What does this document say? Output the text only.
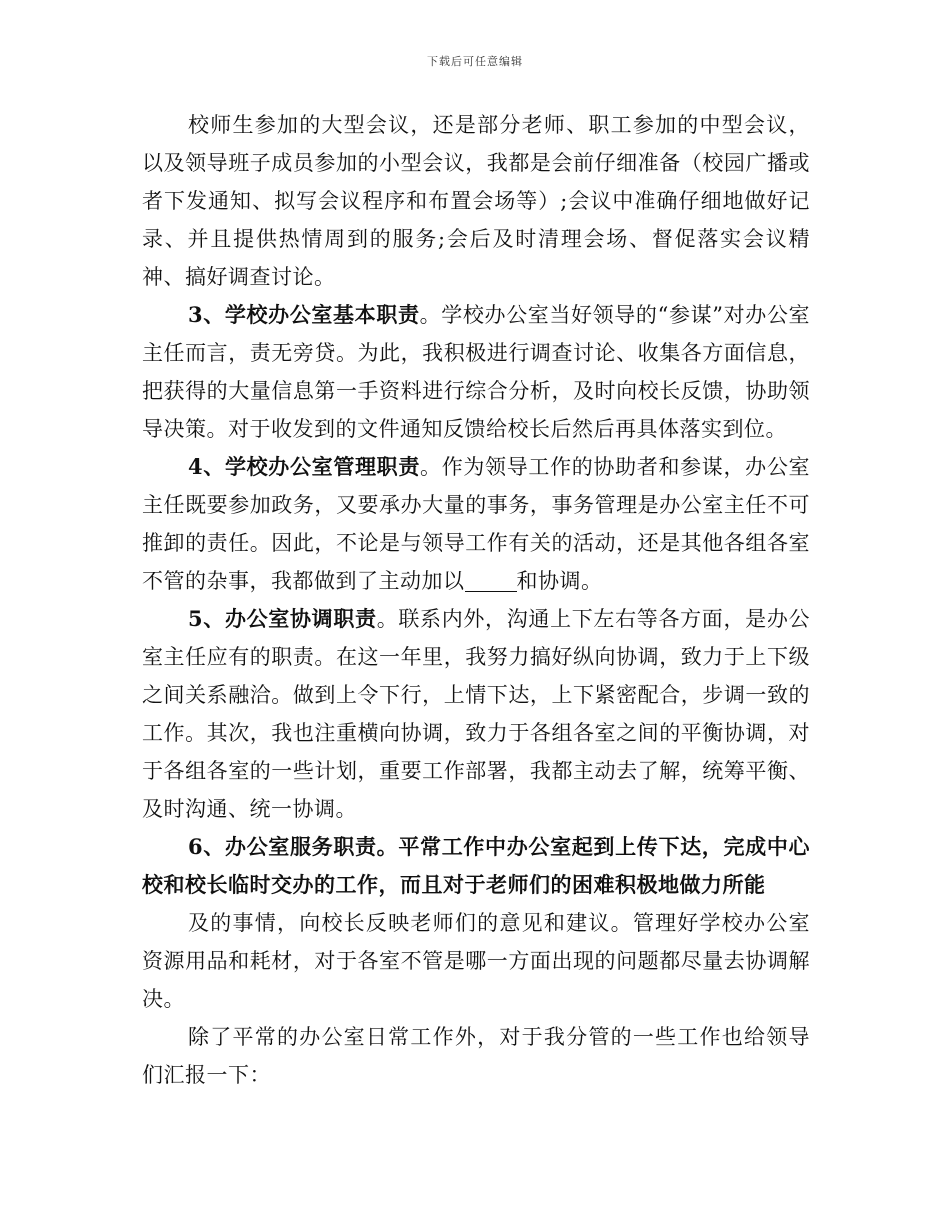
下载后可任意编辑

校师生参加的大型会议，还是部分老师、职工参加的中型会议，以及领导班子成员参加的小型会议，我都是会前仔细准备（校园广播或者下发通知、拟写会议程序和布置会场等）;会议中准确仔细地做好记录、并且提供热情周到的服务;会后及时清理会场、督促落实会议精神、搞好调查讨论。

3、学校办公室基本职责。学校办公室当好领导的“参谋”对办公室主任而言，责无旁贷。为此，我积极进行调查讨论、收集各方面信息，把获得的大量信息第一手资料进行综合分析，及时向校长反馈，协助领导决策。对于收发到的文件通知反馈给校长后然后再具体落实到位。

4、学校办公室管理职责。作为领导工作的协助者和参谋，办公室主任既要参加政务，又要承办大量的事务，事务管理是办公室主任不可推卸的责任。因此，不论是与领导工作有关的活动，还是其他各组各室不管的杂事，我都做到了主动加以 和协调。

5、办公室协调职责。联系内外，沟通上下左右等各方面，是办公室主任应有的职责。在这一年里，我努力搞好纵向协调，致力于上下级之间关系融洽。做到上令下行，上情下达，上下紧密配合，步调一致的工作。其次，我也注重横向协调，致力于各组各室之间的平衡协调，对于各组各室的一些计划，重要工作部署，我都主动去了解，统筹平衡、及时沟通、统一协调。

6、办公室服务职责。平常工作中办公室起到上传下达，完成中心校和校长临时交办的工作，而且对于老师们的困难积极地做力所能

及的事情，向校长反映老师们的意见和建议。管理好学校办公室资源用品和耗材，对于各室不管是哪一方面出现的问题都尽量去协调解决。

除了平常的办公室日常工作外，对于我分管的一些工作也给领导们汇报一下：
